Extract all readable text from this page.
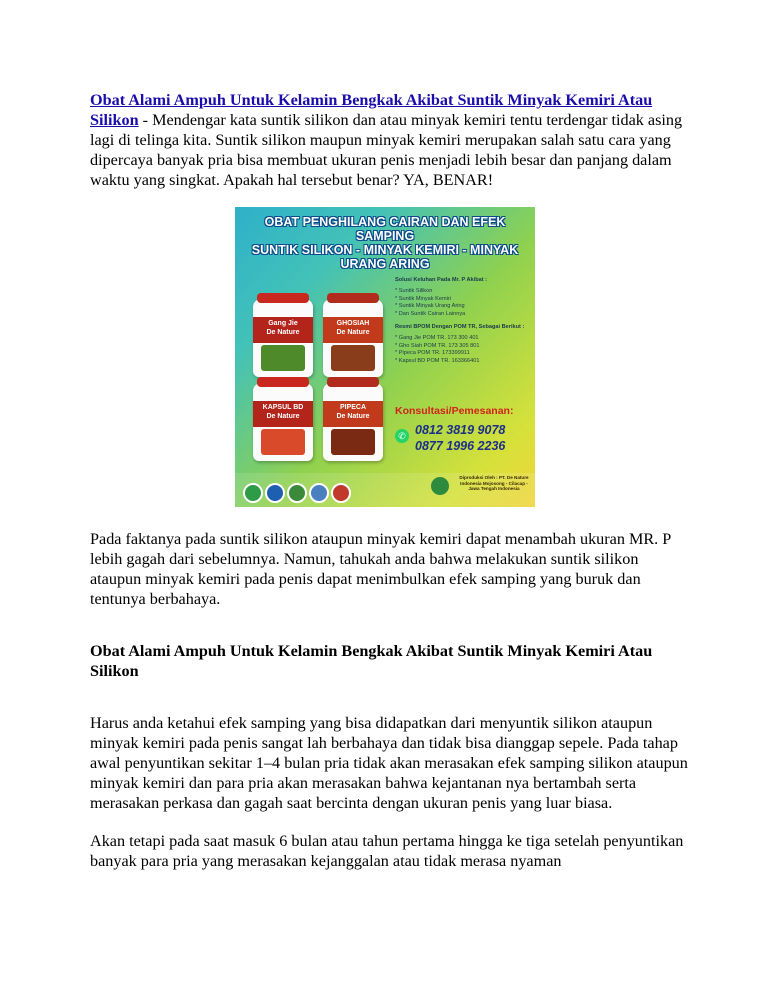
Obat Alami Ampuh Untuk Kelamin Bengkak Akibat Suntik Minyak Kemiri Atau Silikon - Mendengar kata suntik silikon dan atau minyak kemiri tentu terdengar tidak asing lagi di telinga kita. Suntik silikon maupun minyak kemiri merupakan salah satu cara yang dipercaya banyak pria bisa membuat ukuran penis menjadi lebih besar dan panjang dalam waktu yang singkat. Apakah hal tersebut benar? YA, BENAR!

OBAT PENGHILANG CAIRAN DAN EFEK SAMPING
SUNTIK SILIKON - MINYAK KEMIRI - MINYAK
URANG ARING
Gang Jie
De Nature
GHOSIAH
De Nature
KAPSUL BD
De Nature
PIPECA
De Nature
Solusi Keluhan Pada Mr. P Akibat :
* Suntik Silikon
* Suntik Minyak Kemiri
* Suntik Minyak Urang Aring
* Dan Suntik Cairan Lainnya
Resmi BPOM Dengan POM TR, Sebagai Berikut :
* Gang Jie POM TR. 173 300 401
* Gho Siah POM TR. 173 305 801
* Pipeca POM TR. 173399911
* Kapsul BD POM TR. 163366401
Konsultasi/Pemesanan:
✆ 0812 3819 9078
0877 1996 2236
Diproduksi Oleh : PT. De Nature Indonesia Mojosong - Cilacap - Jawa Tengah Indonesia

Pada faktanya pada suntik silikon ataupun minyak kemiri dapat menambah ukuran MR. P lebih gagah dari sebelumnya. Namun, tahukah anda bahwa melakukan suntik silikon ataupun minyak kemiri pada penis dapat menimbulkan efek samping yang buruk dan tentunya berbahaya.

Obat Alami Ampuh Untuk Kelamin Bengkak Akibat Suntik Minyak Kemiri Atau Silikon

Harus anda ketahui efek samping yang bisa didapatkan dari menyuntik silikon ataupun minyak kemiri pada penis sangat lah berbahaya dan tidak bisa dianggap sepele. Pada tahap awal penyuntikan sekitar 1–4 bulan pria tidak akan merasakan efek samping silikon ataupun minyak kemiri dan para pria akan merasakan bahwa kejantanan nya bertambah serta merasakan perkasa dan gagah saat bercinta dengan ukuran penis yang luar biasa.

Akan tetapi pada saat masuk 6 bulan atau tahun pertama hingga ke tiga setelah penyuntikan banyak para pria yang merasakan kejanggalan atau tidak merasa nyaman
